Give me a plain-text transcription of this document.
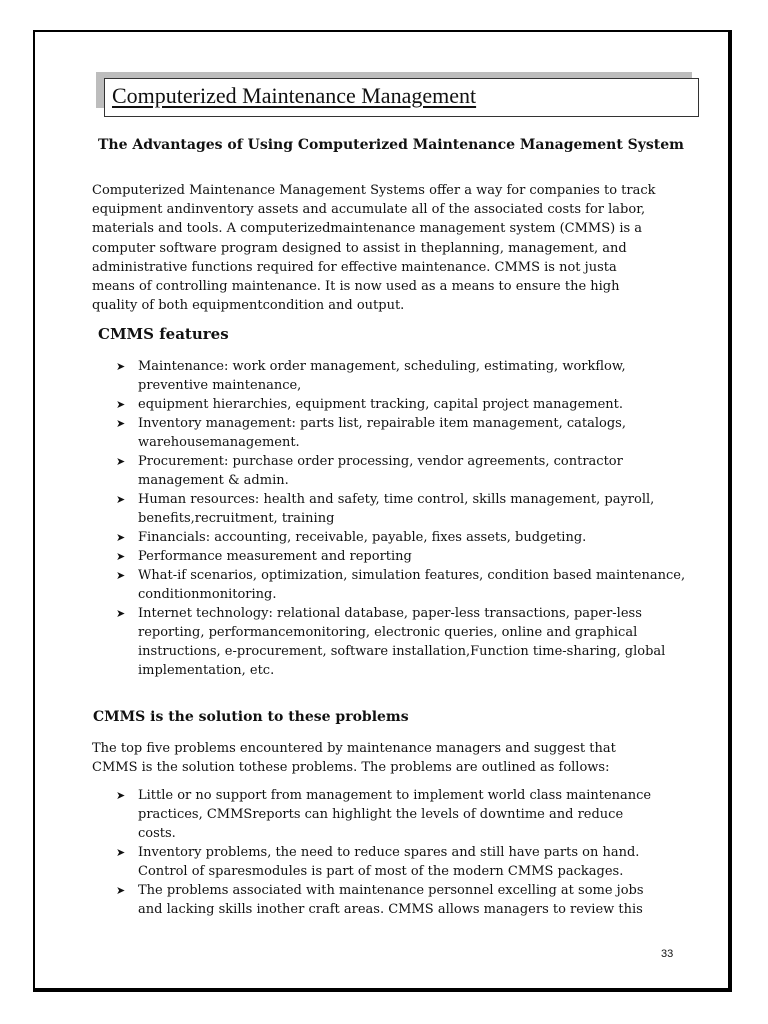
Computerized Maintenance Management
The Advantages of Using Computerized Maintenance Management System
Computerized Maintenance Management Systems offer a way for companies to track equipment andinventory assets and accumulate all of the associated costs for labor, materials and tools. A computerizedmaintenance management system (CMMS) is a computer software program designed to assist in theplanning, management, and administrative functions required for effective maintenance. CMMS is not justa means of controlling maintenance. It is now used as a means to ensure the high quality of both equipmentcondition and output.
CMMS features
➤ Maintenance: work order management, scheduling, estimating, workflow, preventive maintenance,
➤ equipment hierarchies, equipment tracking, capital project management.
➤ Inventory management: parts list, repairable item management, catalogs, warehousemanagement.
➤ Procurement: purchase order processing, vendor agreements, contractor management & admin.
➤ Human resources: health and safety, time control, skills management, payroll, benefits,recruitment, training
➤ Financials: accounting, receivable, payable, fixes assets, budgeting.
➤ Performance measurement and reporting
➤ What-if scenarios, optimization, simulation features, condition based maintenance, conditionmonitoring.
➤ Internet technology: relational database, paper-less transactions, paper-less reporting, performancemonitoring, electronic queries, online and graphical instructions, e-procurement, software installation,Function time-sharing, global implementation, etc.
CMMS is the solution to these problems
The top five problems encountered by maintenance managers and suggest that CMMS is the solution tothese problems. The problems are outlined as follows:
➤ Little or no support from management to implement world class maintenance practices, CMMSreports can highlight the levels of downtime and reduce costs.
➤ Inventory problems, the need to reduce spares and still have parts on hand. Control of sparesmodules is part of most of the modern CMMS packages.
➤ The problems associated with maintenance personnel excelling at some jobs and lacking skills inother craft areas. CMMS allows managers to review this
33
